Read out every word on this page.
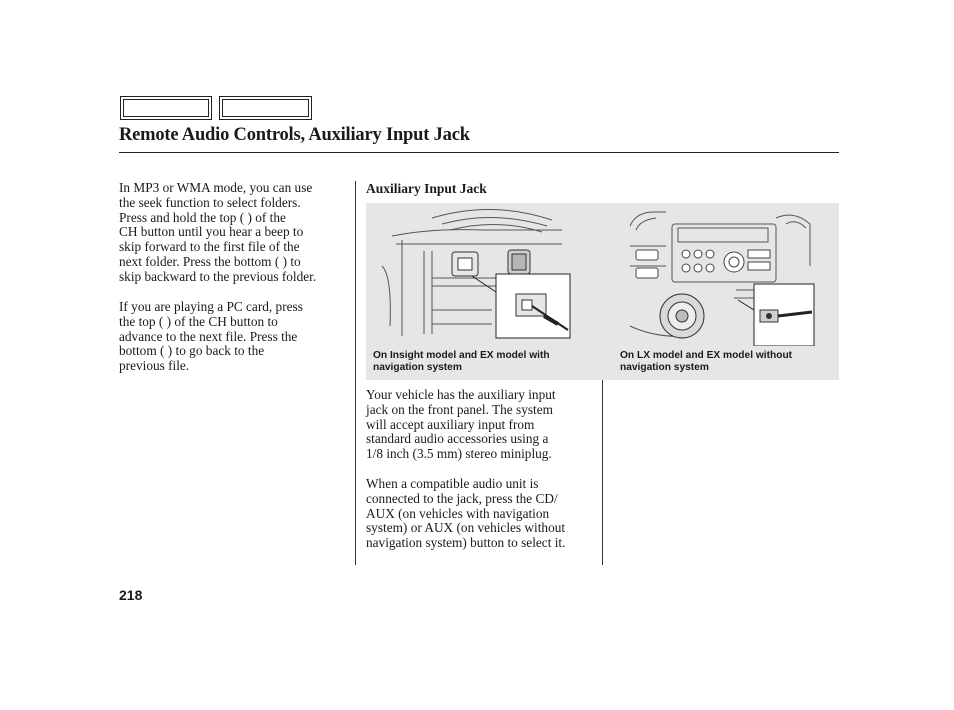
Remote Audio Controls, Auxiliary Input Jack

In MP3 or WMA mode, you can use
the seek function to select folders.
Press and hold the top ( ) of the
CH button until you hear a beep to
skip forward to the first file of the
next folder. Press the bottom ( ) to
skip backward to the previous folder.

If you are playing a PC card, press
the top ( ) of the CH button to
advance to the next file. Press the
bottom ( ) to go back to the
previous file.

Auxiliary Input Jack
On Insight model and EX model with
navigation system
On LX model and EX model without
navigation system

Your vehicle has the auxiliary input
jack on the front panel. The system
will accept auxiliary input from
standard audio accessories using a
1/8 inch (3.5 mm) stereo miniplug.

When a compatible audio unit is
connected to the jack, press the CD/
AUX (on vehicles with navigation
system) or AUX (on vehicles without
navigation system) button to select it.

218
